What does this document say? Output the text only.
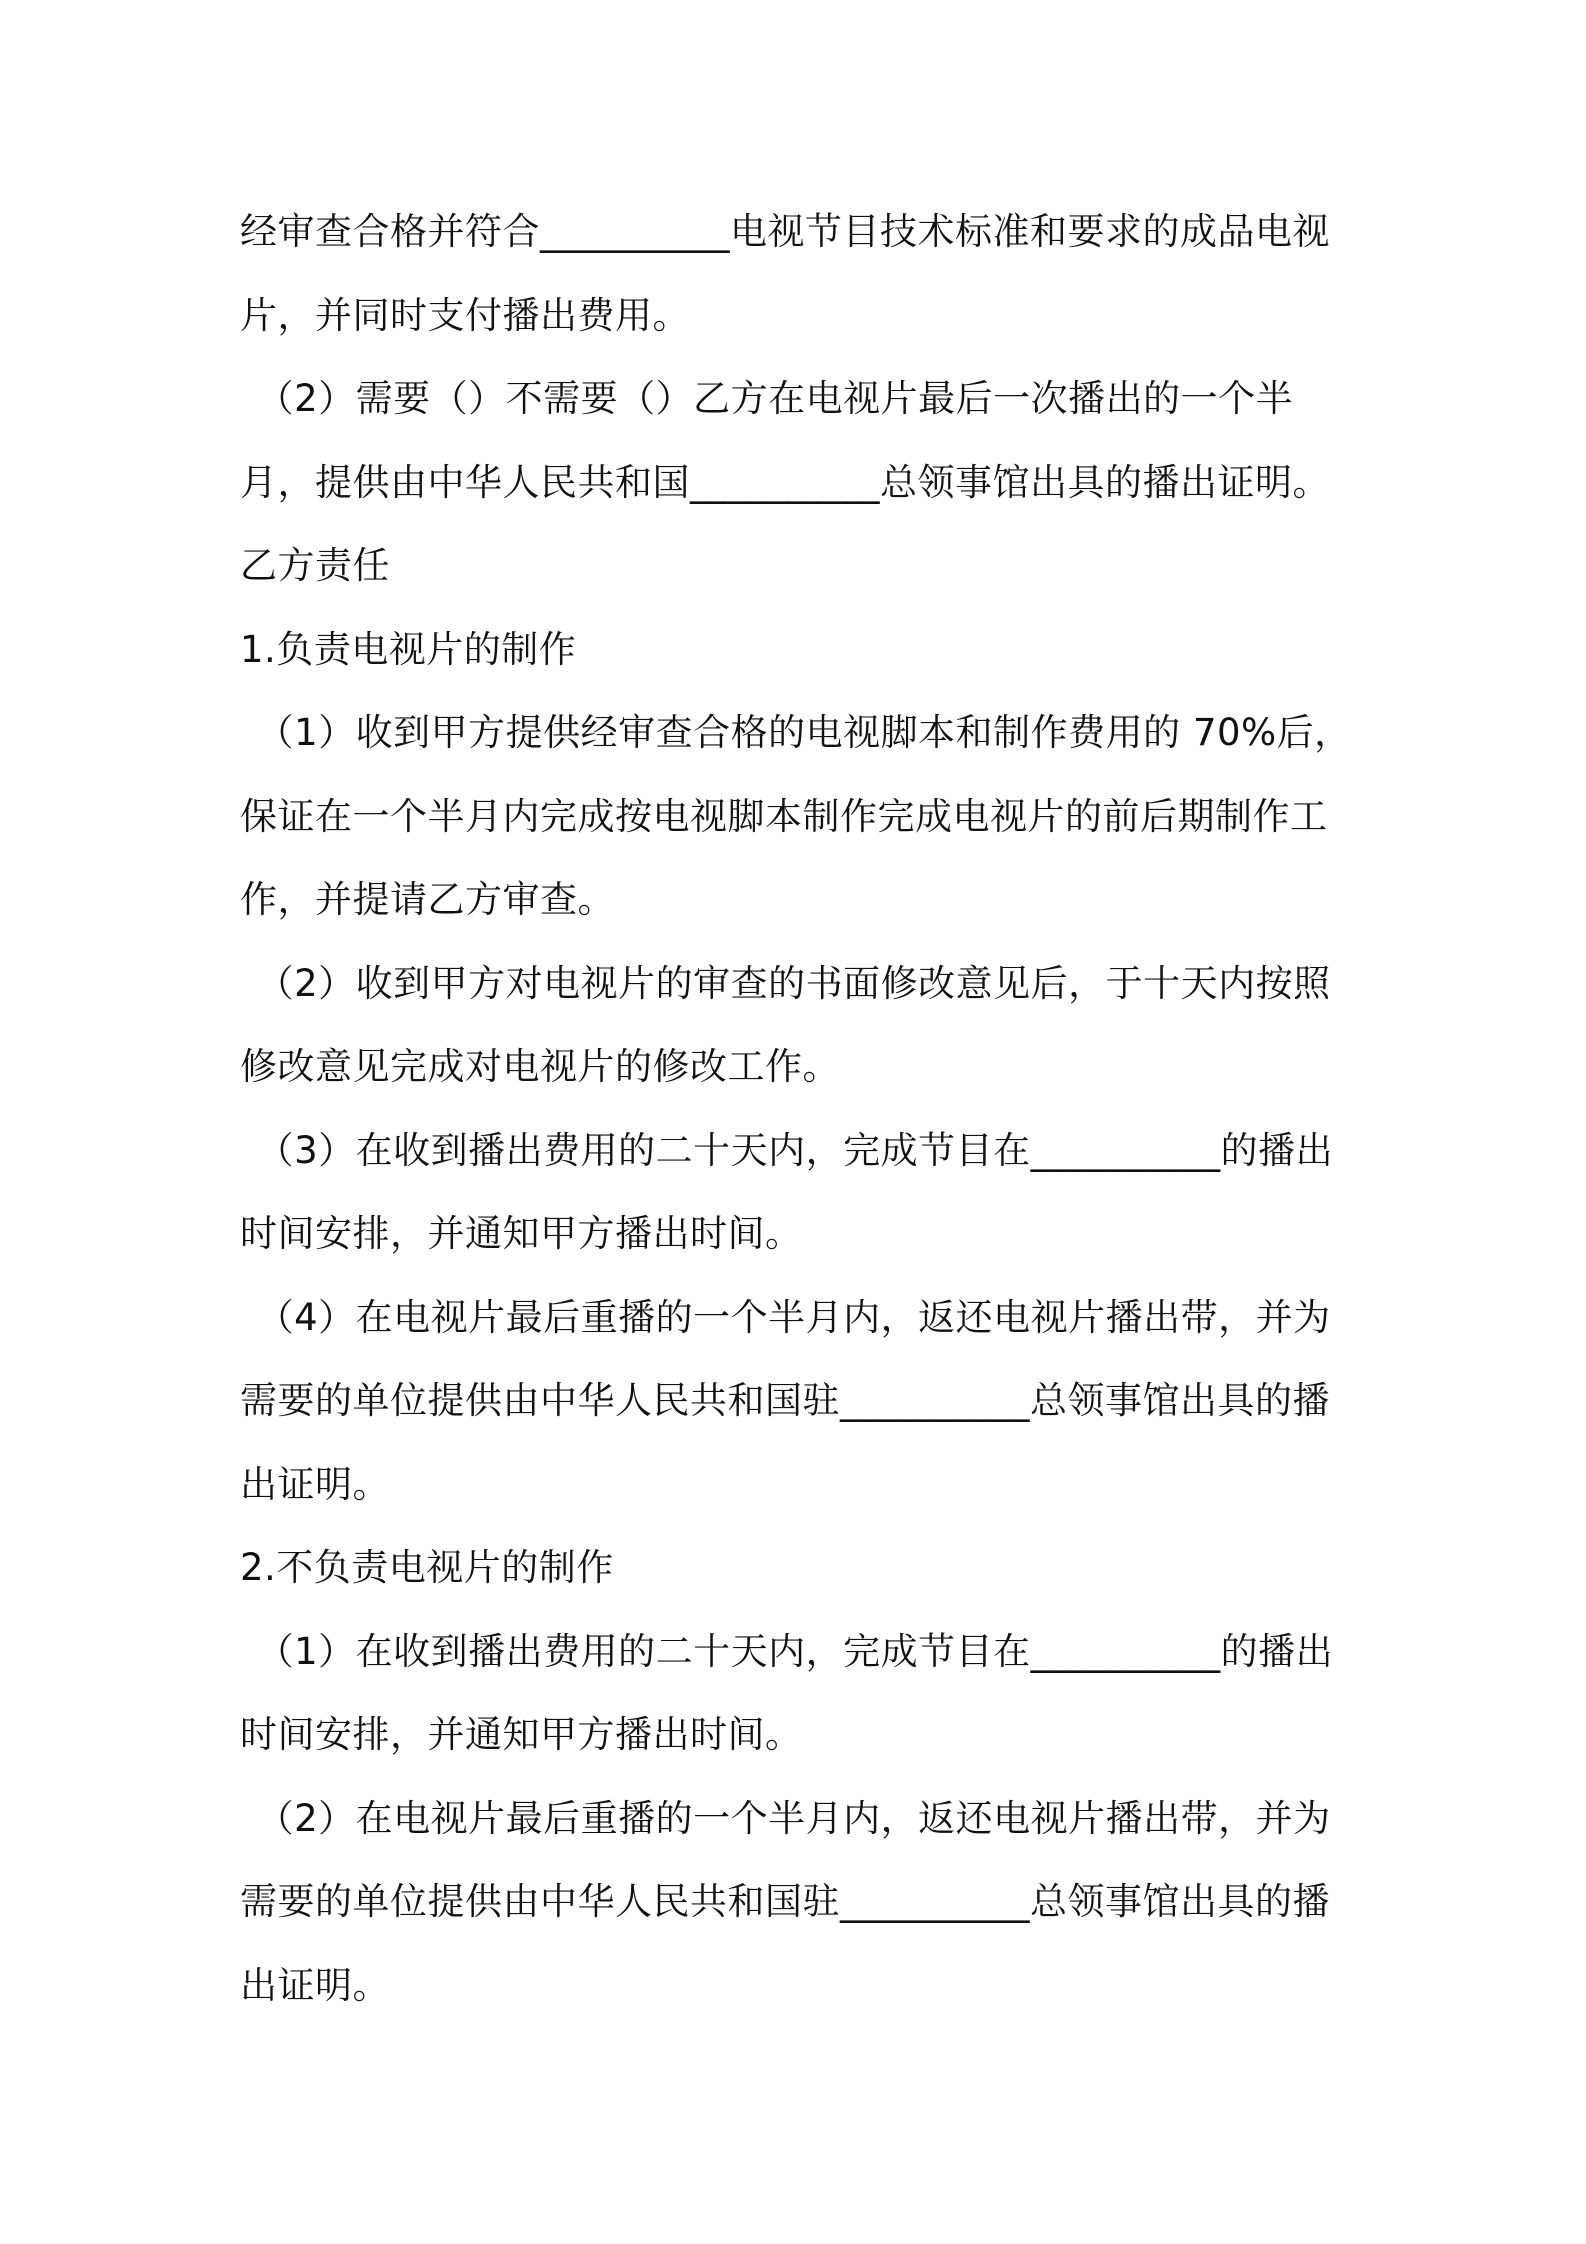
经审查合格并符合__________电视节目技术标准和要求的成品电视片，并同时支付播出费用。

（2）需要（）不需要（）乙方在电视片最后一次播出的一个半月，提供由中华人民共和国__________总领事馆出具的播出证明。

乙方责任

1.负责电视片的制作

（1）收到甲方提供经审查合格的电视脚本和制作费用的 70%后，保证在一个半月内完成按电视脚本制作完成电视片的前后期制作工作，并提请乙方审查。

（2）收到甲方对电视片的审查的书面修改意见后，于十天内按照修改意见完成对电视片的修改工作。

（3）在收到播出费用的二十天内，完成节目在__________的播出时间安排，并通知甲方播出时间。

（4）在电视片最后重播的一个半月内，返还电视片播出带，并为需要的单位提供由中华人民共和国驻__________总领事馆出具的播出证明。

2.不负责电视片的制作

（1）在收到播出费用的二十天内，完成节目在__________的播出时间安排，并通知甲方播出时间。

（2）在电视片最后重播的一个半月内，返还电视片播出带，并为需要的单位提供由中华人民共和国驻__________总领事馆出具的播出证明。
